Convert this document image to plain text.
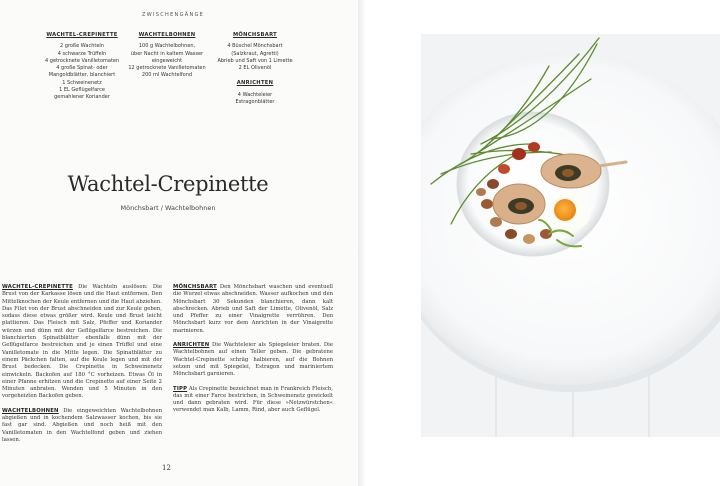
ZWISCHENGÄNGE
WACHTEL-CREPINETTE
2 große Wachteln
4 schwarze Trüffeln
4 getrocknete Vanilletomaten
4 große Spinat- oder
Mangoldblätter, blanchiert
1 Schweinenetz
1 EL Geflügelfarce
gemahlener Koriander
WACHTELBOHNEN
100 g Wachtelbohnen,
über Nacht in kaltem Wasser
eingeweicht
12 getrocknete Vanilletomaten
200 ml Wachtelfond
MÖNCHSBART
4 Büschel Mönchsbart
(Salzkraut, Agretti)
Abrieb und Saft von 1 Limette
2 EL Olivenöl
ANRICHTEN
4 Wachteleier
Estragonblätter
Wachtel-Crepinette
Mönchsbart / Wachtelbohnen

WACHTEL-CREPINETTE Die Wachteln auslösen: Die Brust von der Karkasse lösen und die Haut entfernen. Den Mittelknochen der Keule entfernen und die Haut abziehen. Das Filet von der Brust abschneiden und zur Keule geben, sodass diese etwas größer wird. Keule und Brust leicht plattieren. Das Fleisch mit Salz, Pfeffer und Koriander würzen und dünn mit der Geflügelfarce bestreichen. Die blanchierten Spinatblätter ebenfalls dünn mit der Geflügelfarce bestreichen und je einen Trüffel und eine Vanilletomate in die Mitte legen. Die Spinatblätter zu einem Päckchen falten, auf die Keule legen und mit der Brust bedecken. Die Crepinette in Schweinenetz einwickeln. Backofen auf 180 °C vorheizen. Etwas Öl in einer Pfanne erhitzen und die Crepinette auf einer Seite 2 Minuten anbraten. Wenden und 5 Minuten in den vorgeheizten Backofen geben.

WACHTELBOHNEN Die eingeweichten Wachtelbohnen abgießen und in kochendem Salzwasser kochen, bis sie fast gar sind. Abgießen und noch heiß mit den Vanilletomaten in den Wachtelfond geben und ziehen lassen.

MÖNCHSBART Den Mönchsbart waschen und eventuell die Wurzel etwas abschneiden. Wasser aufkochen und den Mönchsbart 30 Sekunden blanchieren, dann kalt abschrecken. Abrieb und Saft der Limette, Olivenöl, Salz und Pfeffer zu einer Vinaigrette verrühren. Den Mönchsbart kurz vor dem Anrichten in der Vinaigrette marinieren.

ANRICHTEN Die Wachteleier als Spiegeleier braten. Die Wachtelbohnen auf einen Teller geben. Die gebratene Wachtel-Crepinette schräg halbieren, auf die Bohnen setzen und mit Spiegelei, Estragon und mariniertem Mönchsbart garnieren.

TIPP Als Crepinette bezeichnet man in Frankreich Fleisch, das mit einer Farce bestrichen, in Schweinenetz gewickelt und dann gebraten wird. Für diese »Netzwürstchen« verwendet man Kalb, Lamm, Rind, aber auch Geflügel.

12
